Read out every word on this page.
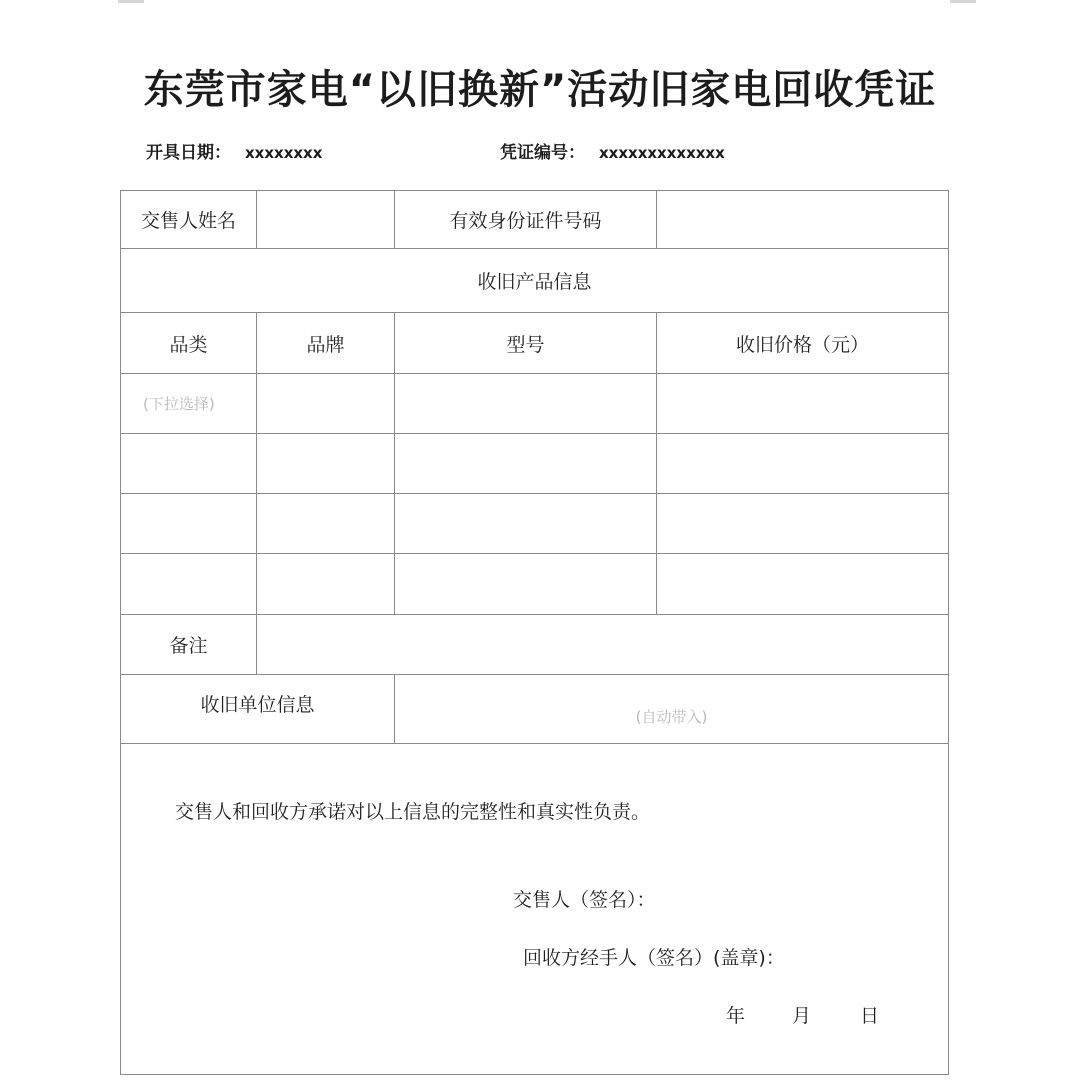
东莞市家电“以旧换新”活动旧家电回收凭证
开具日期： xxxxxxxx	凭证编号： xxxxxxxxxxxxx
交售人姓名	有效身份证件号码
收旧产品信息
品类	品牌	型号	收旧价格（元）
(下拉选择)
备注
收旧单位信息
(自动带入)
交售人和回收方承诺对以上信息的完整性和真实性负责。
交售人（签名）：
回收方经手人（签名）(盖章)：
年 月	日
